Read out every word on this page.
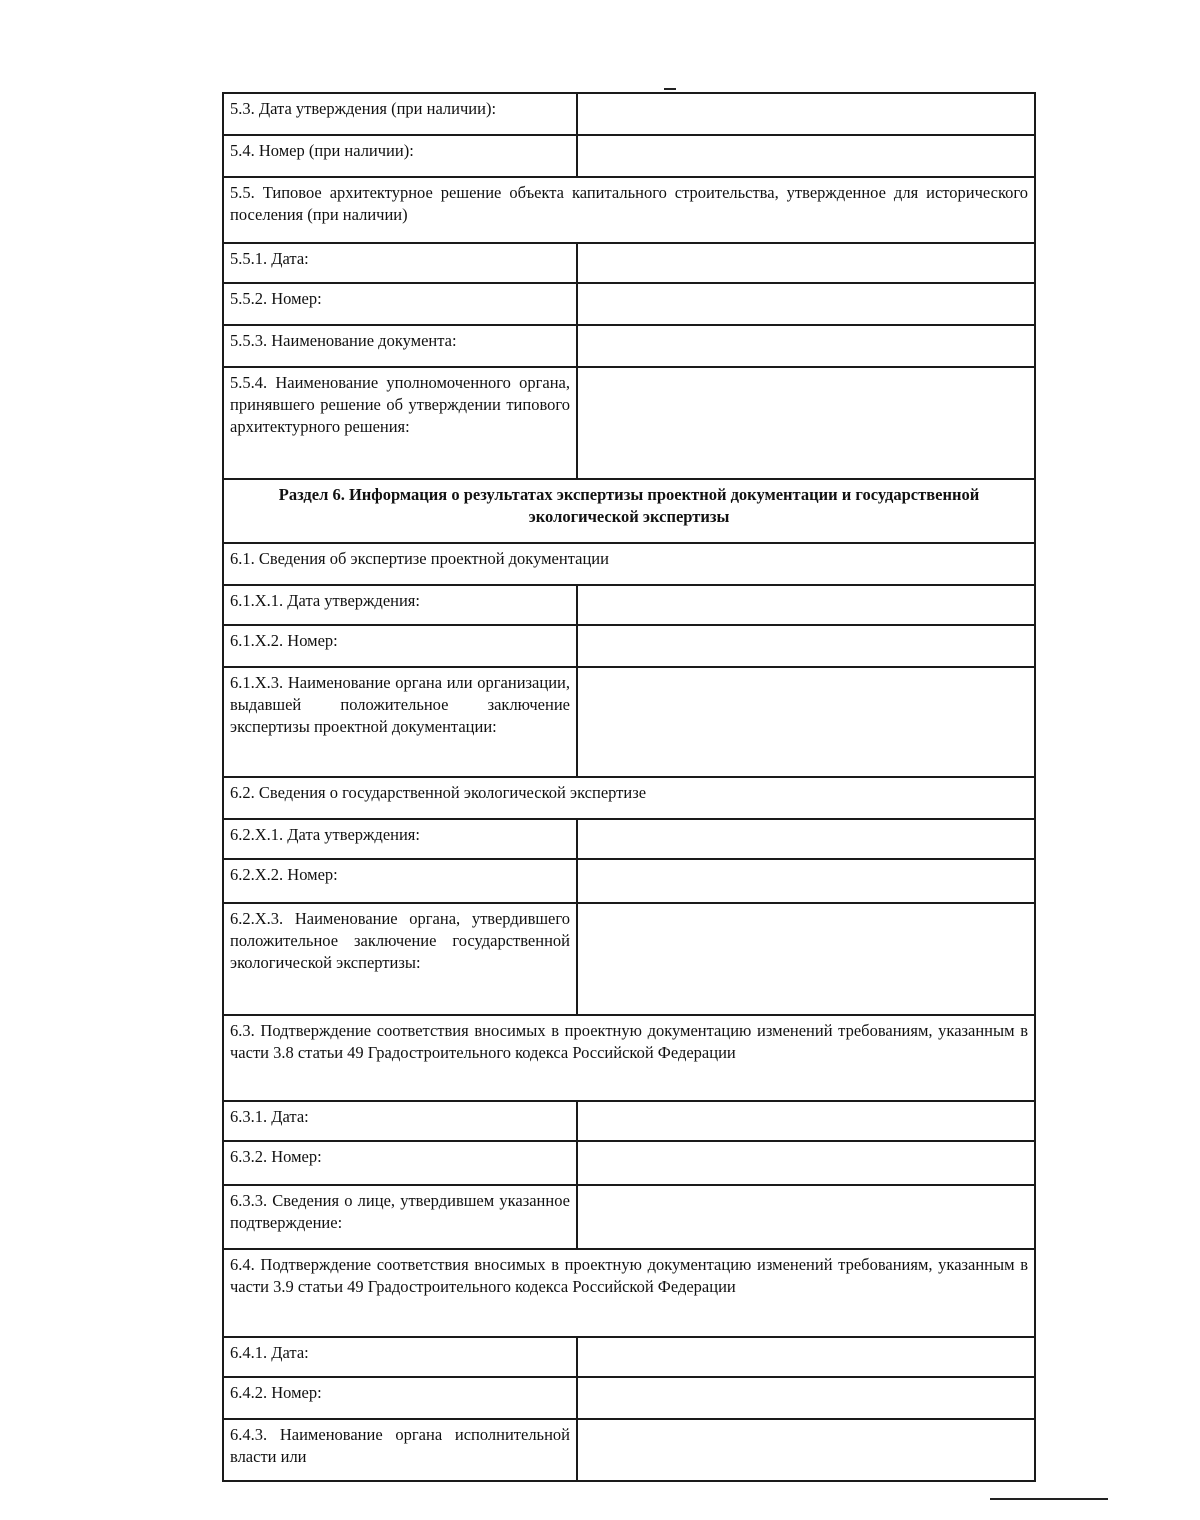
5.3. Дата утверждения (при наличии):	
5.4. Номер (при наличии):	
5.5. Типовое архитектурное решение объекта капитального строительства, утвержденное для исторического поселения (при наличии)	
5.5.1. Дата:	
5.5.2. Номер:	
5.5.3. Наименование документа:	
5.5.4. Наименование уполномоченного органа, принявшего решение об утверждении типового архитектурного решения:	
Раздел 6. Информация о результатах экспертизы проектной документации и государственной экологической экспертизы	
6.1. Сведения об экспертизе проектной документации	
6.1.X.1. Дата утверждения:	
6.1.X.2. Номер:	
6.1.X.3. Наименование органа или организации, выдавшей положительное заключение экспертизы проектной документации:	
6.2. Сведения о государственной экологической экспертизе	
6.2.X.1. Дата утверждения:	
6.2.X.2. Номер:	
6.2.X.3. Наименование органа, утвердившего положительное заключение государственной экологической экспертизы:	
6.3. Подтверждение соответствия вносимых в проектную документацию изменений требованиям, указанным в части 3.8 статьи 49 Градостроительного кодекса Российской Федерации	
6.3.1. Дата:	
6.3.2. Номер:	
6.3.3. Сведения о лице, утвердившем указанное подтверждение:	
6.4. Подтверждение соответствия вносимых в проектную документацию изменений требованиям, указанным в части 3.9 статьи 49 Градостроительного кодекса Российской Федерации	
6.4.1. Дата:	
6.4.2. Номер:	
6.4.3. Наименование органа исполнительной власти или	
